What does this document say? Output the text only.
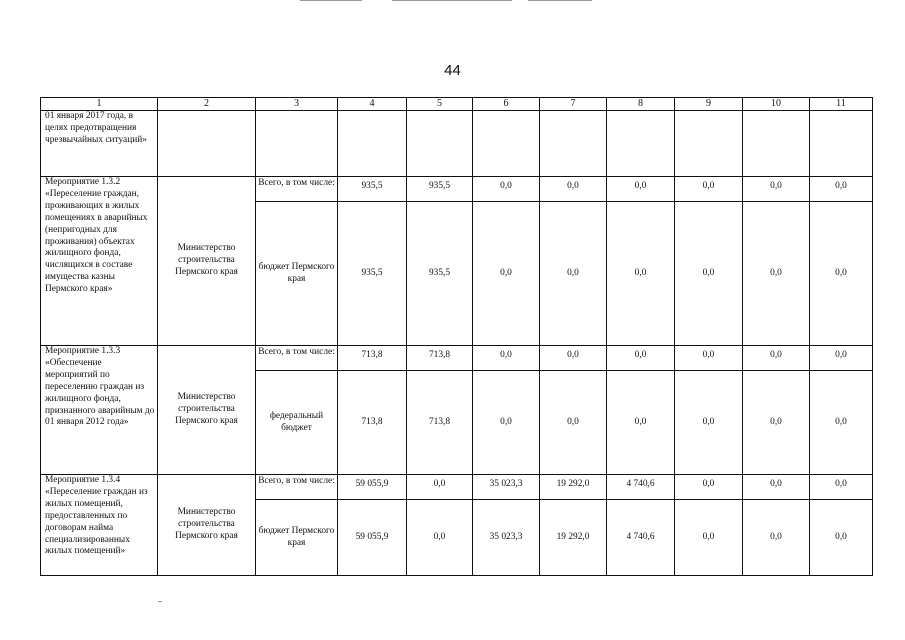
44
1	2	3	4	5	6	7	8	9	10	11
01 января 2017 года, в целях предотвращения чрезвычайных ситуаций»										
Мероприятие 1.3.2 «Переселение граждан, проживающих в жилых помещениях в аварийных (непригодных для проживания) объектах жилищного фонда, числящихся в составе имущества казны Пермского края»	Министерство строительства Пермского края	Всего, в том числе:	935,5	935,5	0,0	0,0	0,0	0,0	0,0	0,0
		бюджет Пермского края	935,5	935,5	0,0	0,0	0,0	0,0	0,0	0,0
Мероприятие 1.3.3 «Обеспечение мероприятий по переселению граждан из жилищного фонда, признанного аварийным до 01 января 2012 года»	Министерство строительства Пермского края	Всего, в том числе:	713,8	713,8	0,0	0,0	0,0	0,0	0,0	0,0
		федеральный бюджет	713,8	713,8	0,0	0,0	0,0	0,0	0,0	0,0
Мероприятие 1.3.4 «Переселение граждан из жилых помещений, предоставленных по договорам найма специализированных жилых помещений»	Министерство строительства Пермского края	Всего, в том числе:	59 055,9	0,0	35 023,3	19 292,0	4 740,6	0,0	0,0	0,0
		бюджет Пермского края	59 055,9	0,0	35 023,3	19 292,0	4 740,6	0,0	0,0	0,0
